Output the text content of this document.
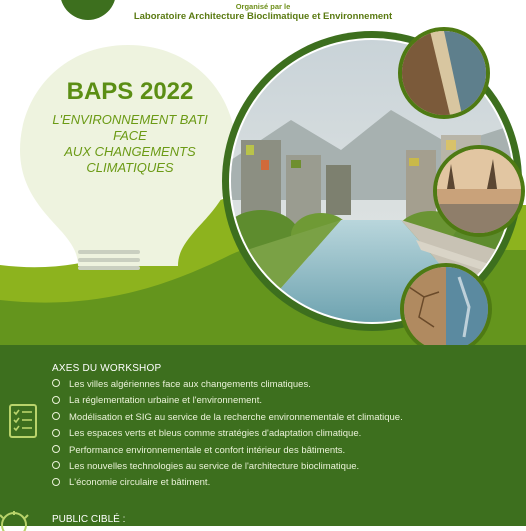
Organisé par le
Laboratoire Architecture Bioclimatique et Environnement
BAPS 2022
L'ENVIRONNEMENT BATI
FACE
AUX CHANGEMENTS
CLIMATIQUES
AXES DU WORKSHOP
Les villes algériennes face aux changements climatiques.
La réglementation urbaine et l'environnement.
Modélisation et SIG au service de la recherche environnementale et climatique.
Les espaces verts et bleus comme stratégies d'adaptation climatique.
Performance environnementale et confort intérieur des bâtiments.
Les nouvelles technologies au service de l'architecture bioclimatique.
L'économie circulaire et bâtiment.
PUBLIC CIBLÉ :
